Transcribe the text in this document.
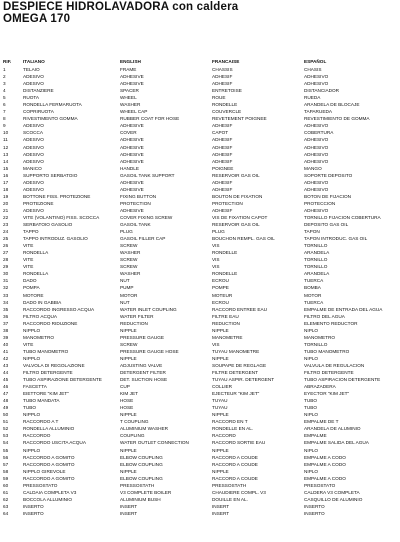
DESPIECE HIDROLAVADORA con caldera
OMEGA 170
RIF.	ITALIANO	ENGLISH	FRANCAISE	ESPAÑOL
1	TELAIO	FRAME	CHASSIS	CHASIS
2	ADESIVO	ADHESIVE	ADHESIF	ADHESIVO
3	ADESIVO	ADHESIVE	ADHESIF	ADHESIVO
4	DISTANZIERE	SPACER	ENTRETOISE	DISTANCIADOR
5	RUOTA	WHEEL	ROUE	RUEDA
6	RONDELLA FERMARUOTA	WASHER	RONDELLE	ARANDELA DE BLOCAJE
7	COPRIRUOTA	WHEEL CAP	COUVERCLE	TAPARUEDA
8	RIVESTIMENTO GOMMA	RUBBER COAT FOR HOSE	REVETEMENT POIGNEE	REVESTIMIENTO DE GOMMA
9	ADESIVO	ADHESIVE	ADHESIF	ADHESIVO
10	SCOCCA	COVER	CAPOT	COBERTURA
11	ADESIVO	ADHESIVE	ADHESIF	ADHESIVO
12	ADESIVO	ADHESIVE	ADHESIF	ADHESIVO
13	ADESIVO	ADHESIVE	ADHESIF	ADHESIVO
14	ADESIVO	ADHESIVE	ADHESIF	ADHESIVO
15	MANICO	HANDLE	POIGNEE	MANGO
16	SUPPORTO SERBATOIO	GASOIL TANK SUPPORT	RESERVOIR GAS OIL	SOPORTE DEPOSITO
17	ADESIVO	ADHESIVE	ADHESIF	ADHESIVO
18	ADESIVO	ADHESIVE	ADHESIF	ADHESIVO
19	BOTTONE FISS. PROTEZIONE	FIXING BUTTON	BOUTON DE FIXATION	BOTON DE FIJACION
20	PROTEZIONE	PROTECTION	PROTECTION	PROTECCION
21	ADESIVO	ADHESIVE	ADHESIF	ADHESIVO
22	VITE (VOLANTINO) FISS. SCOCCA	COVER FIXING SCREW	VIS DE FIXATION CAPOT	TORNILLO FIJACION COBERTURA
23	SERBATOIO GASOLIO	GASOIL TANK	RESERVOIR GAS OIL	DEPOSITO GAS OIL
24	TAPPO	PLUG	PLUG	TAPON
25	TAPPO INTRODUZ. GASOLIO	GASOIL FILLER CAP	BOUCHON REMPL. GAS OIL	TAPON INTRODUC. GAS OIL
26	VITE	SCREW	VIS	TORNILLO
27	RONDELLA	WASHER	RONDELLE	ARANDELA
28	VITE	SCREW	VIS	TORNILLO
29	VITE	SCREW	VIS	TORNILLO
30	RONDELLA	WASHER	RONDELLE	ARANDELA
31	DADO	NUT	ECROU	TUERCA
32	POMPA	PUMP	POMPE	BOMBA
33	MOTORE	MOTOR	MOTEUR	MOTOR
34	DADO IN GABBIA	NUT	ECROU	TUERCA
35	RACCORDO INGRESSO ACQUA	WATER INLET COUPLING	RACCORD ENTREE EAU	EMPALME DE ENTRADA DEL AGUA
36	FILTRO ACQUA	WATER FILTER	FILTRE EAU	FILTRO DEL AGUA
37	RACCORDO RIDUZIONE	REDUCTION	REDUCTION	ELEMENTO REDUCTOR
38	NIPPLO	NIPPLE	NIPPLE	NIPLO
39	MANOMETRO	PRESSURE GAUGE	MANOMETRE	MANOMETRO
40	VITE	SCREW	VIS	TORNILLO
41	TUBO MANOMETRO	PRESSURE GAUGE HOSE	TUYAU MANOMETRE	TUBO MANOMETRO
42	NIPPLO	NIPPLE	NIPPLE	NIPLO
43	VALVOLA DI REGOLAZIONE	ADJUSTING VALVE	SOUPAPE DE REGLAGE	VALVULA DE REGULACION
44	FILTRO DETERGENTE	DETERGENT FILTER	FILTRE DETERGENT	FILTRO DETERGENTE
45	TUBO ASPIRAZIONE DETERGENTE	DET. SUCTION HOSE	TUYAU ASPIR. DETERGENT	TUBO ASPIRACION DETERGENTE
46	FASCETTA	CUP	COLLIER	ABRAZADERA
47	EIETTORE "KIM JET"	KIM JET	EJECTEUR "KIM JET"	EYECTOR "KIM JET"
48	TUBO MANDATA	HOSE	TUYAU	TUBO
49	TUBO	HOSE	TUYAU	TUBO
50	NIPPLO	NIPPLE	NIPPLE	NIPLO
51	RACCORDO A T	T COUPLING	RACCORD EN T	EMPALME DE T
52	RONDELLA ALLUMINIO	ALUMINIUM WASHER	RONDELLE EN AL.	ARANDELA DE ALUMINIO
53	RACCORDO	COUPLING	RACCORD	EMPALME
54	RACCORDO USCITA ACQUA	WATER OUTLET CONNECTION	RACCORD SORTIE EAU	EMPALME SALIDA DEL AGUA
55	NIPPLO	NIPPLE	NIPPLE	NIPLO
56	RACCORDO A GOMITO	ELBOW COUPLING	RACCORD A COUDE	EMPALME A CODO
57	RACCORDO A GOMITO	ELBOW COUPLING	RACCORD A COUDE	EMPALME A CODO
58	NIPPLO GIREVOLE	NIPPLE	NIPPLE	NIPLO
59	RACCORDO A GOMITO	ELBOW COUPLING	RACCORD A COUDE	EMPALME A CODO
60	PRESSOSTATO	PRESSOSTATH	PRESSOSTATH	PRESOSTATO
61	CALDAIA COMPLETA V3	V3 COMPLETE BOILER	CHAUDIERE COMPL. V3	CALDERA V3 COMPLETA
62	BOCCOLA ALLUMINIO	ALUMINIUM BUSH	DOUILLE EN AL.	CASQUILLO DE ALUMINIO
63	INSERTO	INSERT	INSERT	INSERTO
64	INSERTO	INSERT	INSERT	INSERTO
